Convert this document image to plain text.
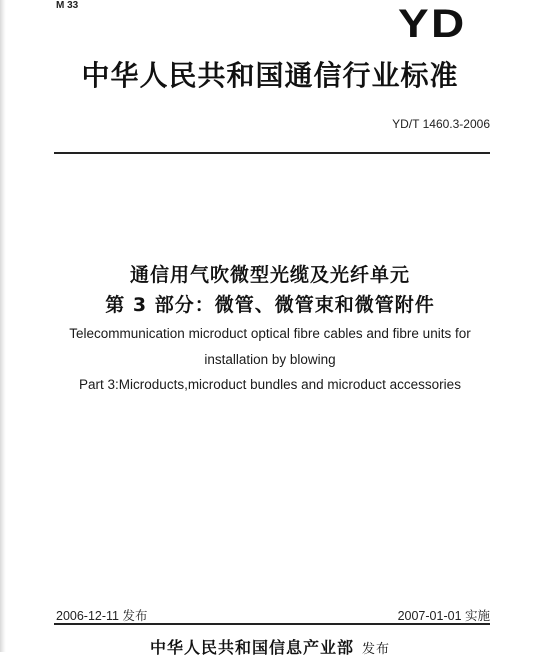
M 33	YD
中华人民共和国通信行业标准
YD/T 1460.3-2006
通信用气吹微型光缆及光纤单元
第 3 部分：微管、微管束和微管附件
Telecommunication microduct optical fibre cables and fibre units for
installation by blowing
Part 3:Microducts,microduct bundles and microduct accessories
2006-12-11 发布	2007-01-01 实施
中华人民共和国信息产业部 发布
